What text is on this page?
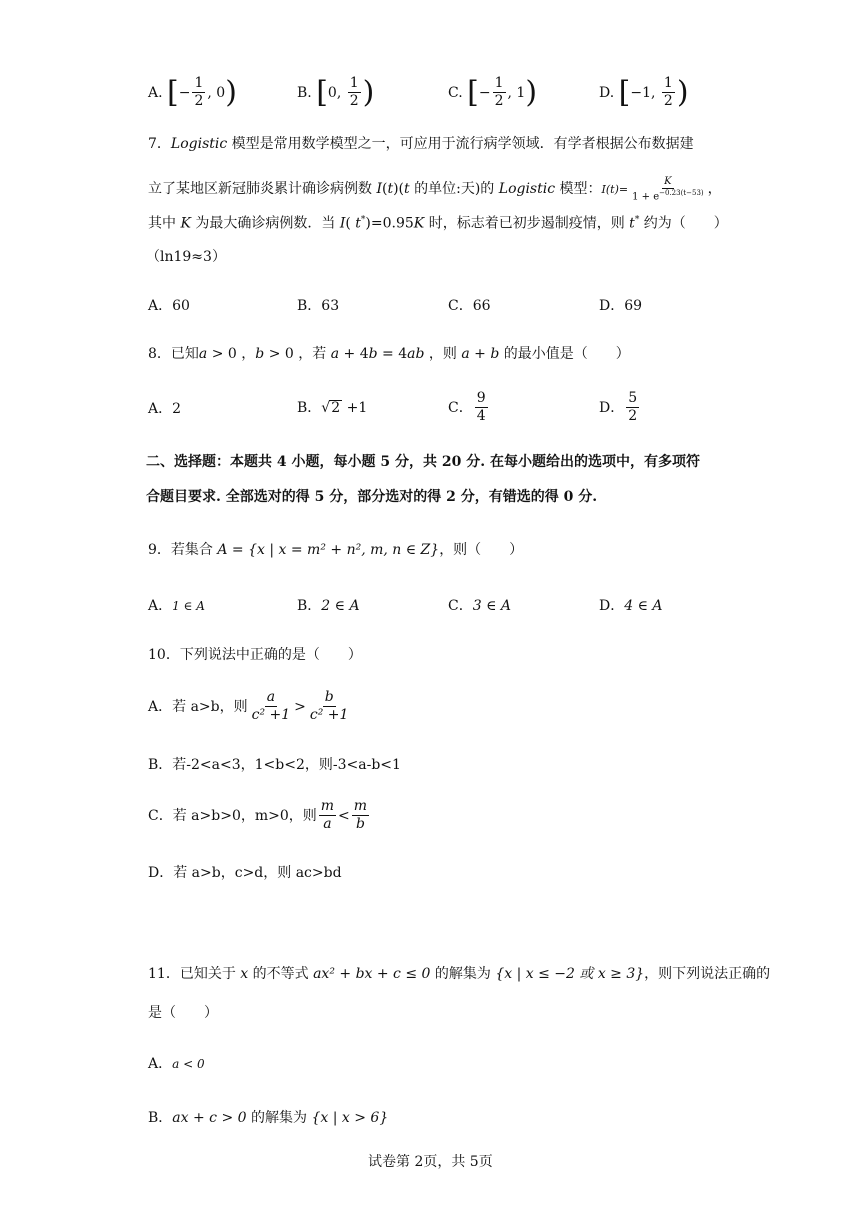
A. [− $\frac{1}{2}$ , 0)	B. [0, $\frac{1}{2}$ )	C. [− $\frac{1}{2}$ , 1)	D. [−1, $\frac{1}{2}$ )
7．Logistic 模型是常用数学模型之一，可应用于流行病学领域．有学者根据公布数据建
立了某地区新冠肺炎累计确诊病例数 I(t)(t 的单位:天)的 Logistic 模型：$I(t)= \frac{K}{1 + e^{-0.23(t-53)}}$ ，
其中 K 为最大确诊病例数．当 I( t*)=0.95K 时，标志着已初步遏制疫情，则 t* 约为（　　）
（ln19≈3）
A．60	B．63	C．66	D．69
8．已知a > 0 ，b > 0 ，若 a + 4b = 4ab ，则 a + b 的最小值是（　　）
A．2	B．√2 +1	C． $\frac{9}{4}$	D． $\frac{5}{2}$
二、选择题：本题共 4 小题，每小题 5 分，共 20 分. 在每小题给出的选项中，有多项符
合题目要求. 全部选对的得 5 分，部分选对的得 2 分，有错选的得 0 分.
9．若集合 A = {x | x = m² + n², m, n ∈ Z}，则（　　）
A．1 ∈ A	B．2 ∈ A	C．3 ∈ A	D．4 ∈ A
10．下列说法中正确的是（　　）
A．若 a>b，则 $\frac{a}{\text{c² +1}} > \frac{b}{\text{c² +1}}$
B．若-2<a<3，1<b<2，则-3<a-b<1
C．若 a>b>0，m>0，则 $\frac{m}{a} < \frac{m}{b}$
D．若 a>b，c>d，则 ac>bd
11．已知关于 x 的不等式 ax² + bx + c ≤ 0 的解集为 {x | x ≤ −2 或 x ≥ 3}，则下列说法正确的
是（　　）
A．a < 0
B．ax + c > 0 的解集为 {x | x > 6}
试卷第 2页，共 5页
